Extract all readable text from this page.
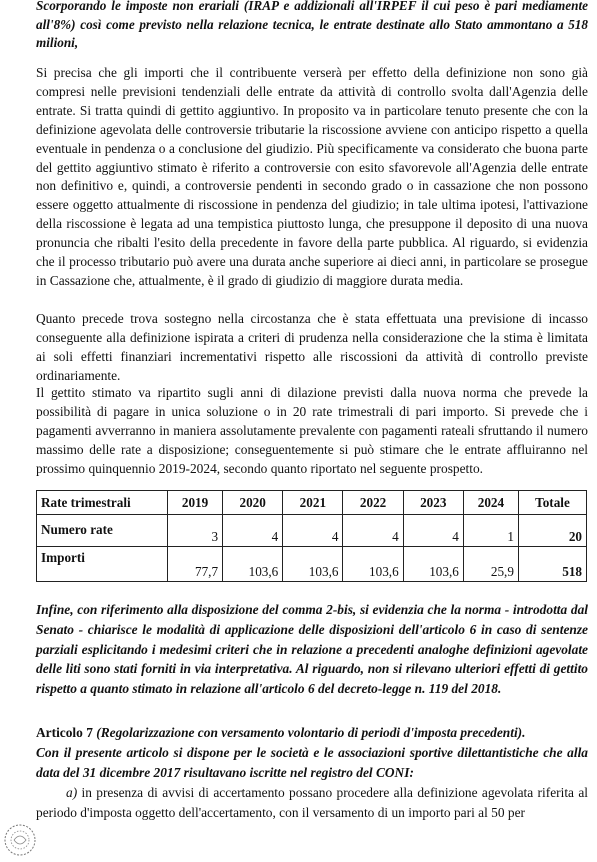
Scorporando le imposte non erariali (IRAP e addizionali all'IRPEF il cui peso è pari mediamente all'8%) così come previsto nella relazione tecnica, le entrate destinate allo Stato ammontano a 518 milioni,

Si precisa che gli importi che il contribuente verserà per effetto della definizione non sono già compresi nelle previsioni tendenziali delle entrate da attività di controllo svolta dall'Agenzia delle entrate. Si tratta quindi di gettito aggiuntivo. In proposito va in particolare tenuto presente che con la definizione agevolata delle controversie tributarie la riscossione avviene con anticipo rispetto a quella eventuale in pendenza o a conclusione del giudizio. Più specificamente va considerato che buona parte del gettito aggiuntivo stimato è riferito a controversie con esito sfavorevole all'Agenzia delle entrate non definitivo e, quindi, a controversie pendenti in secondo grado o in cassazione che non possono essere oggetto attualmente di riscossione in pendenza del giudizio; in tale ultima ipotesi, l'attivazione della riscossione è legata ad una tempistica piuttosto lunga, che presuppone il deposito di una nuova pronuncia che ribalti l'esito della precedente in favore della parte pubblica. Al riguardo, si evidenzia che il processo tributario può avere una durata anche superiore ai dieci anni, in particolare se prosegue in Cassazione che, attualmente, è il grado di giudizio di maggiore durata media.

Quanto precede trova sostegno nella circostanza che è stata effettuata una previsione di incasso conseguente alla definizione ispirata a criteri di prudenza nella considerazione che la stima è limitata ai soli effetti finanziari incrementativi rispetto alle riscossioni da attività di controllo previste ordinariamente.

Il gettito stimato va ripartito sugli anni di dilazione previsti dalla nuova norma che prevede la possibilità di pagare in unica soluzione o in 20 rate trimestrali di pari importo. Si prevede che i pagamenti avverranno in maniera assolutamente prevalente con pagamenti rateali sfruttando il numero massimo delle rate a disposizione; conseguentemente si può stimare che le entrate affluiranno nel prossimo quinquennio 2019-2024, secondo quanto riportato nel seguente prospetto.

Rate trimestrali	2019	2020	2021	2022	2023	2024	Totale
Numero rate	3	4	4	4	4	1	20
Importi	77,7	103,6	103,6	103,6	103,6	25,9	518

Infine, con riferimento alla disposizione del comma 2-bis, si evidenzia che la norma - introdotta dal Senato - chiarisce le modalità di applicazione delle disposizioni dell'articolo 6 in caso di sentenze parziali esplicitando i medesimi criteri che in relazione a precedenti analoghe definizioni agevolate delle liti sono stati forniti in via interpretativa. Al riguardo, non si rilevano ulteriori effetti di gettito rispetto a quanto stimato in relazione all'articolo 6 del decreto-legge n. 119 del 2018.

Articolo 7 (Regolarizzazione con versamento volontario di periodi d'imposta precedenti).

Con il presente articolo si dispone per le società e le associazioni sportive dilettantistiche che alla data del 31 dicembre 2017 risultavano iscritte nel registro del CONI:

a) in presenza di avvisi di accertamento possano procedere alla definizione agevolata riferita al periodo d'imposta oggetto dell'accertamento, con il versamento di un importo pari al 50 per
